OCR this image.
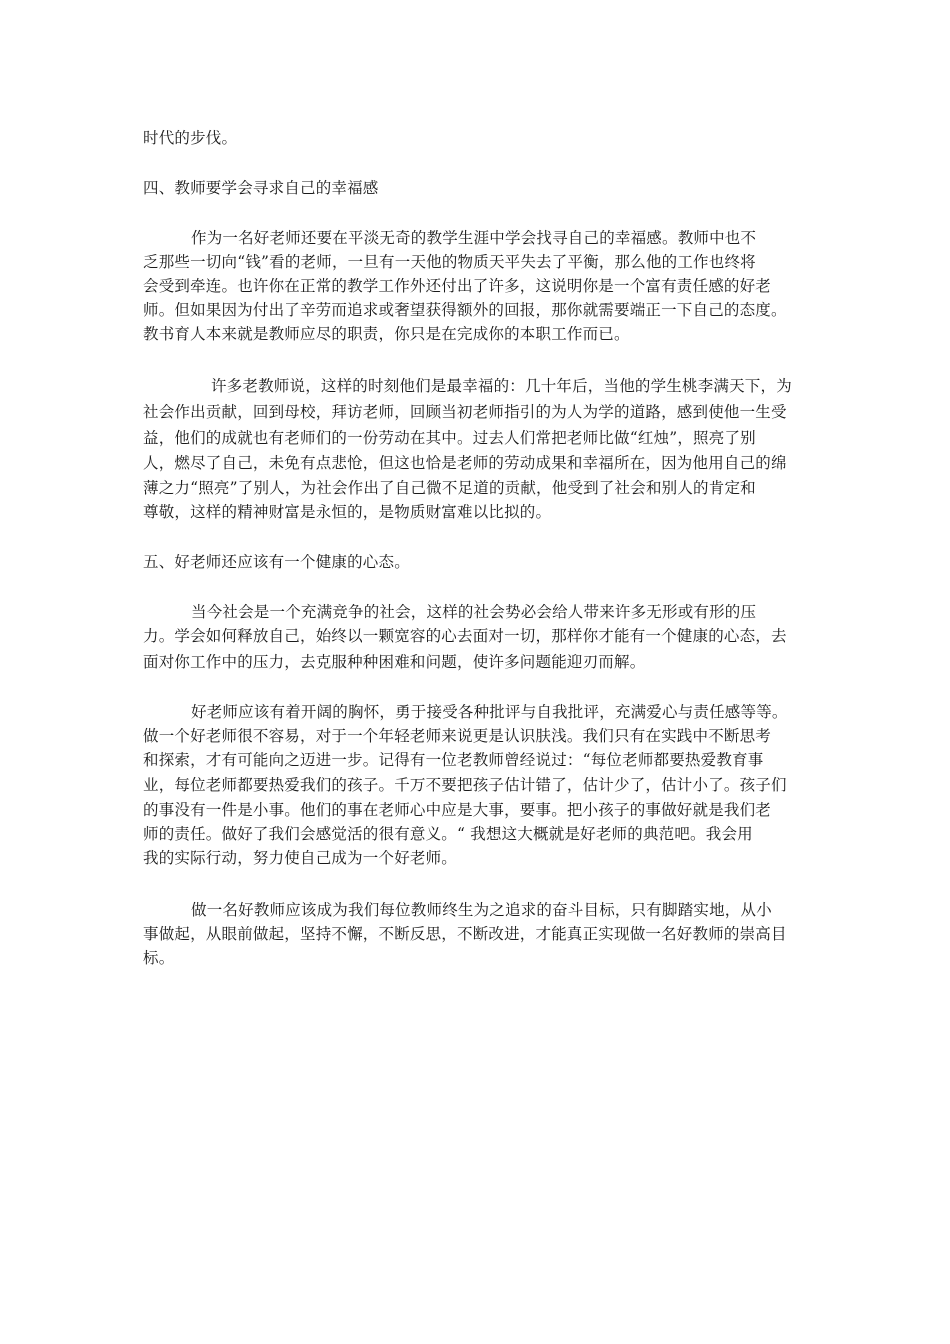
时代的步伐。
四、教师要学会寻求自己的幸福感
作为一名好老师还要在平淡无奇的教学生涯中学会找寻自己的幸福感。教师中也不
乏那些一切向“钱”看的老师，一旦有一天他的物质天平失去了平衡，那么他的工作也终将
会受到牵连。也许你在正常的教学工作外还付出了许多，这说明你是一个富有责任感的好老
师。但如果因为付出了辛劳而追求或奢望获得额外的回报，那你就需要端正一下自己的态度。
教书育人本来就是教师应尽的职责，你只是在完成你的本职工作而已。
许多老教师说，这样的时刻他们是最幸福的：几十年后，当他的学生桃李满天下，为
社会作出贡献，回到母校，拜访老师，回顾当初老师指引的为人为学的道路，感到使他一生受
益，他们的成就也有老师们的一份劳动在其中。过去人们常把老师比做“红烛”，照亮了别
人，燃尽了自己，未免有点悲怆，但这也恰是老师的劳动成果和幸福所在，因为他用自己的绵
薄之力“照亮”了别人，为社会作出了自己微不足道的贡献，他受到了社会和别人的肯定和
尊敬，这样的精神财富是永恒的，是物质财富难以比拟的。
五、好老师还应该有一个健康的心态。
当今社会是一个充满竞争的社会，这样的社会势必会给人带来许多无形或有形的压
力。学会如何释放自己，始终以一颗宽容的心去面对一切，那样你才能有一个健康的心态，去
面对你工作中的压力，去克服种种困难和问题，使许多问题能迎刃而解。
好老师应该有着开阔的胸怀，勇于接受各种批评与自我批评，充满爱心与责任感等等。
做一个好老师很不容易，对于一个年轻老师来说更是认识肤浅。我们只有在实践中不断思考
和探索，才有可能向之迈进一步。记得有一位老教师曾经说过：“每位老师都要热爱教育事
业，每位老师都要热爱我们的孩子。千万不要把孩子估计错了，估计少了，估计小了。孩子们
的事没有一件是小事。他们的事在老师心中应是大事，要事。把小孩子的事做好就是我们老
师的责任。做好了我们会感觉活的很有意义。“ 我想这大概就是好老师的典范吧。我会用
我的实际行动，努力使自己成为一个好老师。
做一名好教师应该成为我们每位教师终生为之追求的奋斗目标，只有脚踏实地，从小
事做起，从眼前做起，坚持不懈，不断反思，不断改进，才能真正实现做一名好教师的崇高目
标。
